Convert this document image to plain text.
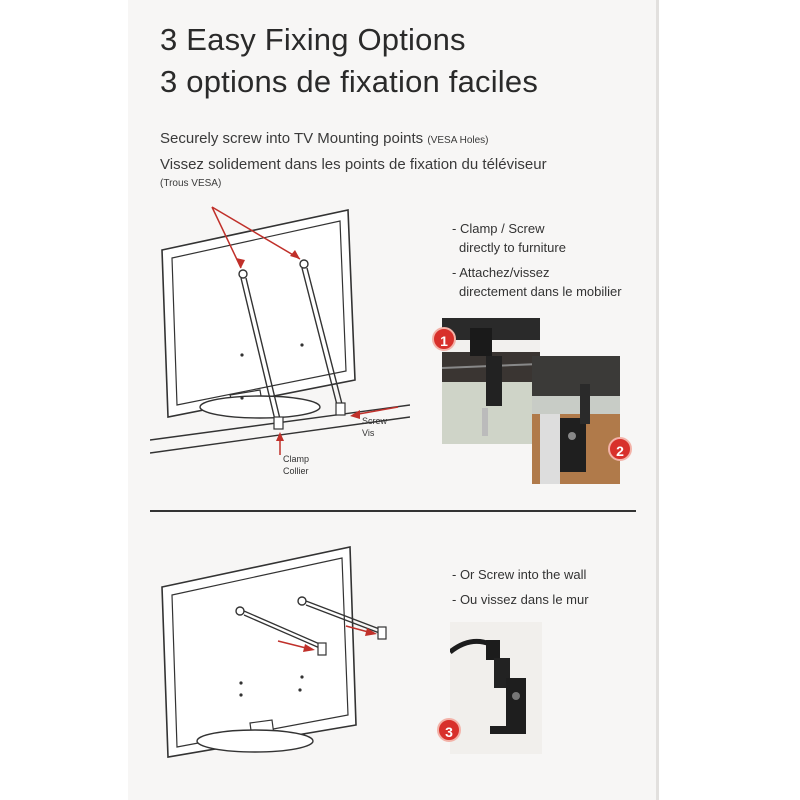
3 Easy Fixing Options
3 options de fixation faciles
Securely screw into TV Mounting points (VESA Holes)
Vissez solidement dans les points de fixation du téléviseur
(Trous VESA)
Screw
Vis
Clamp
Collier
- Clamp / Screw
directly to furniture
- Attachez/vissez
directement dans le mobilier
1
2
- Or Screw into the wall
- Ou vissez dans le mur
3
